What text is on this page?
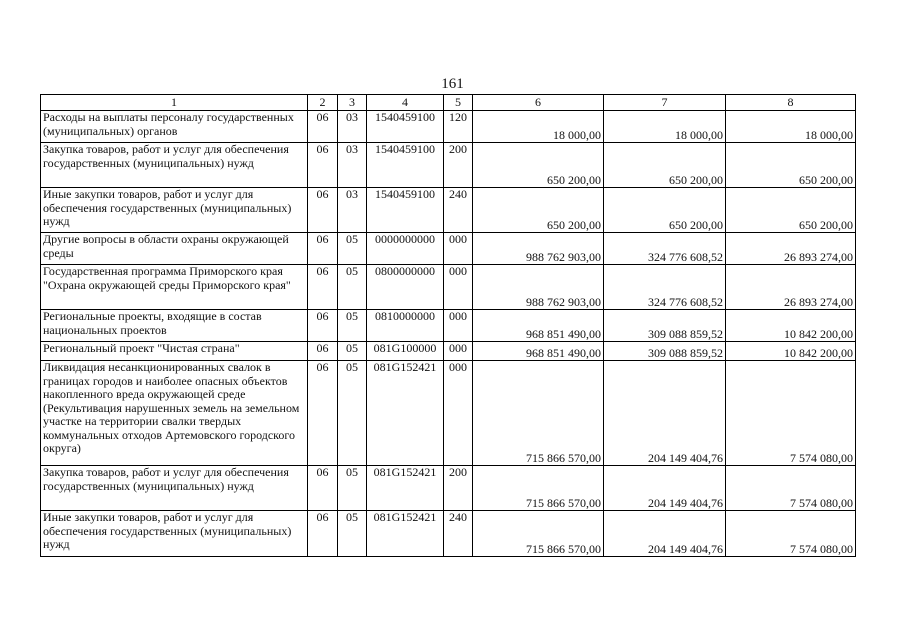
161
1	2	3	4	5	6	7	8
Расходы на выплаты персоналу государственных (муниципальных) органов	06	03	1540459100	120	18 000,00	18 000,00	18 000,00
Закупка товаров, работ и услуг для обеспечения государственных (муниципальных) нужд	06	03	1540459100	200	650 200,00	650 200,00	650 200,00
Иные закупки товаров, работ и услуг для обеспечения государственных (муниципальных) нужд	06	03	1540459100	240	650 200,00	650 200,00	650 200,00
Другие вопросы в области охраны окружающей среды	06	05	0000000000	000	988 762 903,00	324 776 608,52	26 893 274,00
Государственная программа Приморского края "Охрана окружающей среды Приморского края"	06	05	0800000000	000	988 762 903,00	324 776 608,52	26 893 274,00
Региональные проекты, входящие в состав национальных проектов	06	05	0810000000	000	968 851 490,00	309 088 859,52	10 842 200,00
Региональный проект "Чистая страна"	06	05	081G100000	000	968 851 490,00	309 088 859,52	10 842 200,00
Ликвидация несанкционированных свалок в границах городов и наиболее опасных объектов накопленного вреда окружающей среде (Рекультивация нарушенных земель на земельном участке на территории свалки твердых коммунальных отходов Артемовского городского округа)	06	05	081G152421	000	715 866 570,00	204 149 404,76	7 574 080,00
Закупка товаров, работ и услуг для обеспечения государственных (муниципальных) нужд	06	05	081G152421	200	715 866 570,00	204 149 404,76	7 574 080,00
Иные закупки товаров, работ и услуг для обеспечения государственных (муниципальных) нужд	06	05	081G152421	240	715 866 570,00	204 149 404,76	7 574 080,00
